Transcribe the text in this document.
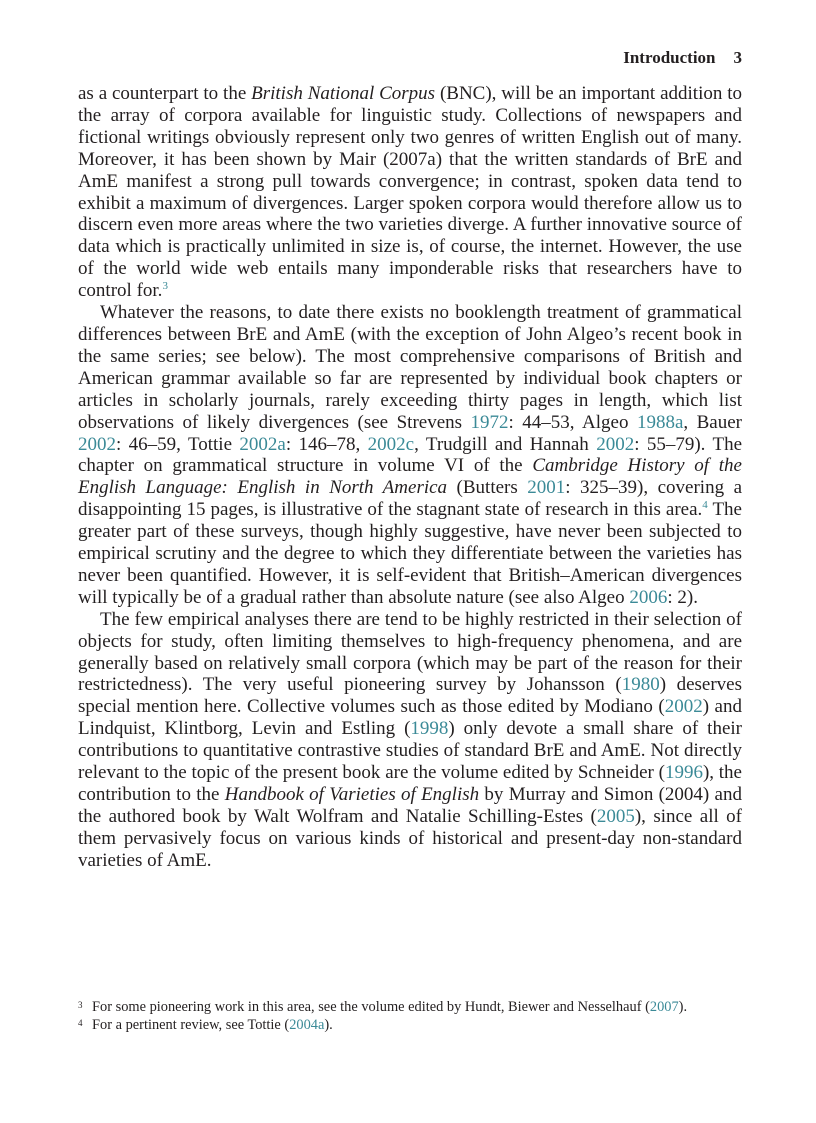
Introduction 3

as a counterpart to the British National Corpus (BNC), will be an important addition to the array of corpora available for linguistic study. Collections of newspapers and fictional writings obviously represent only two genres of written English out of many. Moreover, it has been shown by Mair (2007a) that the written standards of BrE and AmE manifest a strong pull towards convergence; in contrast, spoken data tend to exhibit a maximum of divergences. Larger spoken corpora would therefore allow us to discern even more areas where the two varieties diverge. A further innovative source of data which is practically unlimited in size is, of course, the internet. However, the use of the world wide web entails many imponderable risks that researchers have to control for.$^3$

Whatever the reasons, to date there exists no booklength treatment of grammatical differences between BrE and AmE (with the exception of John Algeo’s recent book in the same series; see below). The most comprehensive comparisons of British and American grammar available so far are represented by individual book chapters or articles in scholarly journals, rarely exceeding thirty pages in length, which list observations of likely divergences (see Strevens 1972: 44–53, Algeo 1988a, Bauer 2002: 46–59, Tottie 2002a: 146–78, 2002c, Trudgill and Hannah 2002: 55–79). The chapter on grammatical structure in volume VI of the Cambridge History of the English Language: English in North America (Butters 2001: 325–39), covering a disappointing 15 pages, is illustrative of the stagnant state of research in this area.$^4$ The greater part of these surveys, though highly suggestive, have never been subjected to empirical scrutiny and the degree to which they differentiate between the varieties has never been quantified. However, it is self-evident that British–American divergences will typically be of a gradual rather than absolute nature (see also Algeo 2006: 2).

The few empirical analyses there are tend to be highly restricted in their selection of objects for study, often limiting themselves to high-frequency phenomena, and are generally based on relatively small corpora (which may be part of the reason for their restrictedness). The very useful pioneering survey by Johansson (1980) deserves special mention here. Collective volumes such as those edited by Modiano (2002) and Lindquist, Klintborg, Levin and Estling (1998) only devote a small share of their contributions to quantitative contrastive studies of standard BrE and AmE. Not directly relevant to the topic of the present book are the volume edited by Schneider (1996), the contribution to the Handbook of Varieties of English by Murray and Simon (2004) and the authored book by Walt Wolfram and Natalie Schilling-Estes (2005), since all of them pervasively focus on various kinds of historical and present-day non-standard varieties of AmE.

3 For some pioneering work in this area, see the volume edited by Hundt, Biewer and Nesselhauf (2007).
4 For a pertinent review, see Tottie (2004a).
